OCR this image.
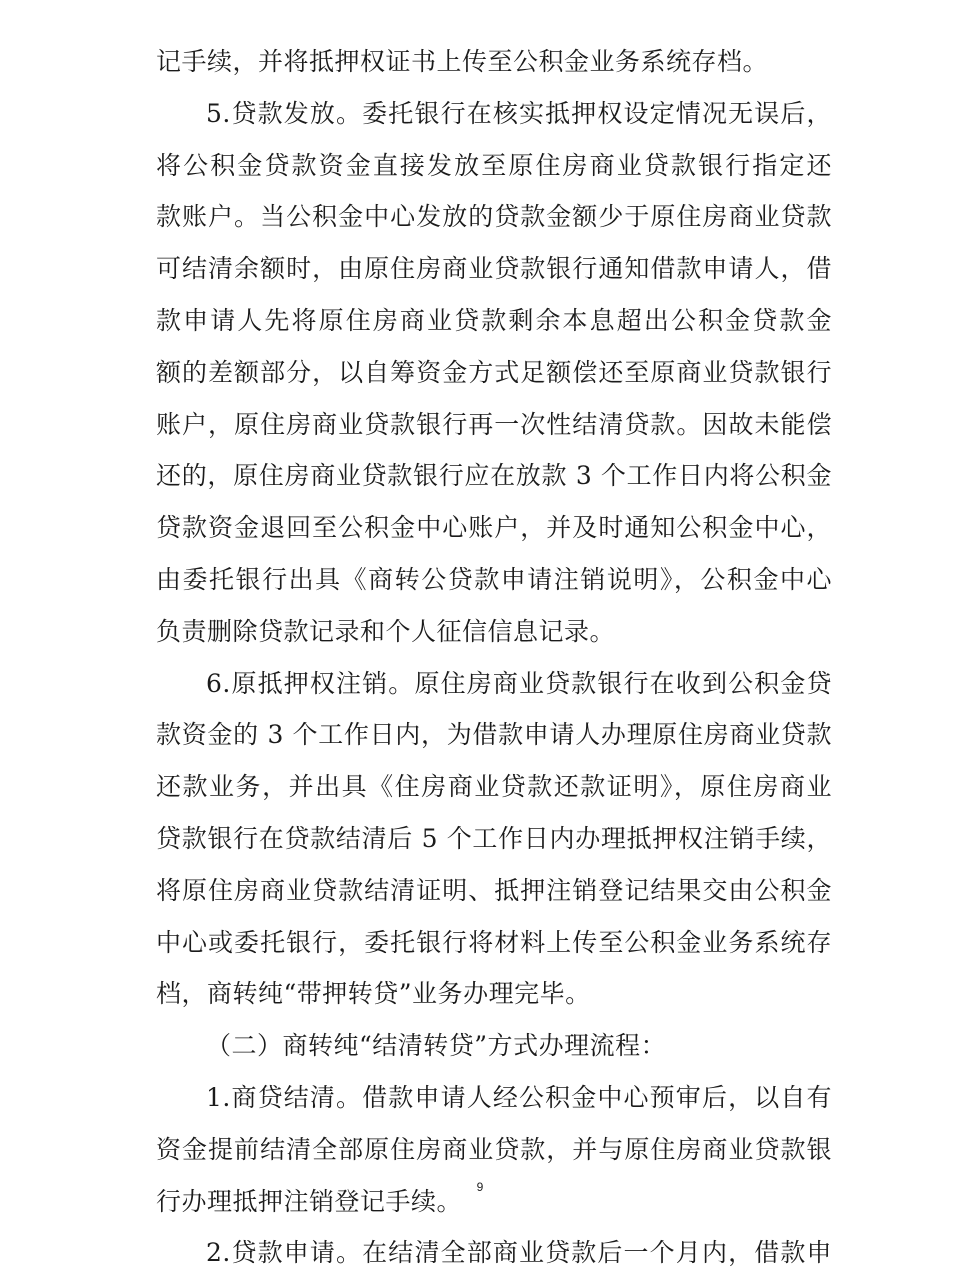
记手续，并将抵押权证书上传至公积金业务系统存档。
5.贷款发放。委托银行在核实抵押权设定情况无误后，
将公积金贷款资金直接发放至原住房商业贷款银行指定还
款账户。当公积金中心发放的贷款金额少于原住房商业贷款
可结清余额时，由原住房商业贷款银行通知借款申请人，借
款申请人先将原住房商业贷款剩余本息超出公积金贷款金
额的差额部分，以自筹资金方式足额偿还至原商业贷款银行
账户，原住房商业贷款银行再一次性结清贷款。因故未能偿
还的，原住房商业贷款银行应在放款 3 个工作日内将公积金
贷款资金退回至公积金中心账户，并及时通知公积金中心，
由委托银行出具《商转公贷款申请注销说明》，公积金中心
负责删除贷款记录和个人征信信息记录。
6.原抵押权注销。原住房商业贷款银行在收到公积金贷
款资金的 3 个工作日内，为借款申请人办理原住房商业贷款
还款业务，并出具《住房商业贷款还款证明》，原住房商业
贷款银行在贷款结清后 5 个工作日内办理抵押权注销手续，
将原住房商业贷款结清证明、抵押注销登记结果交由公积金
中心或委托银行，委托银行将材料上传至公积金业务系统存
档，商转纯“带押转贷”业务办理完毕。
（二）商转纯“结清转贷”方式办理流程：
1.商贷结清。借款申请人经公积金中心预审后，以自有
资金提前结清全部原住房商业贷款，并与原住房商业贷款银
行办理抵押注销登记手续。
2.贷款申请。在结清全部商业贷款后一个月内，借款申
9
